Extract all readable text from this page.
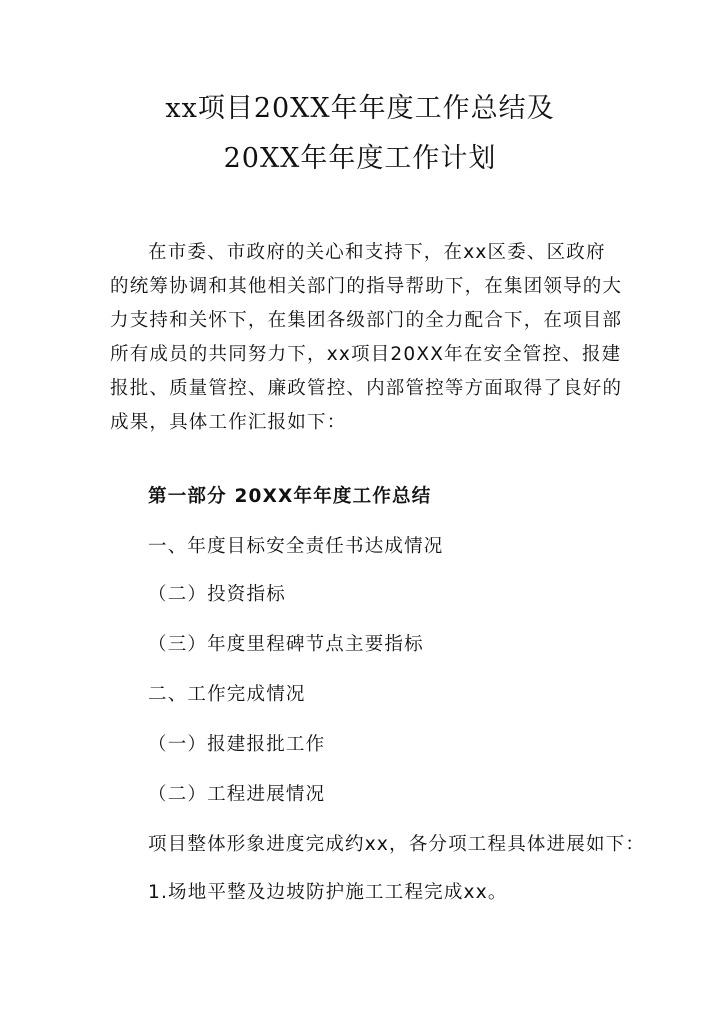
xx项目20XX年年度工作总结及
20XX年年度工作计划
在市委、市政府的关心和支持下，在xx区委、区政府
的统筹协调和其他相关部门的指导帮助下，在集团领导的大
力支持和关怀下，在集团各级部门的全力配合下，在项目部
所有成员的共同努力下，xx项目20XX年在安全管控、报建
报批、质量管控、廉政管控、内部管控等方面取得了良好的
成果，具体工作汇报如下：
第一部分 20XX年年度工作总结
一、年度目标安全责任书达成情况
（二）投资指标
（三）年度里程碑节点主要指标
二、工作完成情况
（一）报建报批工作
（二）工程进展情况
项目整体形象进度完成约xx，各分项工程具体进展如下：
1.场地平整及边坡防护施工工程完成xx。
